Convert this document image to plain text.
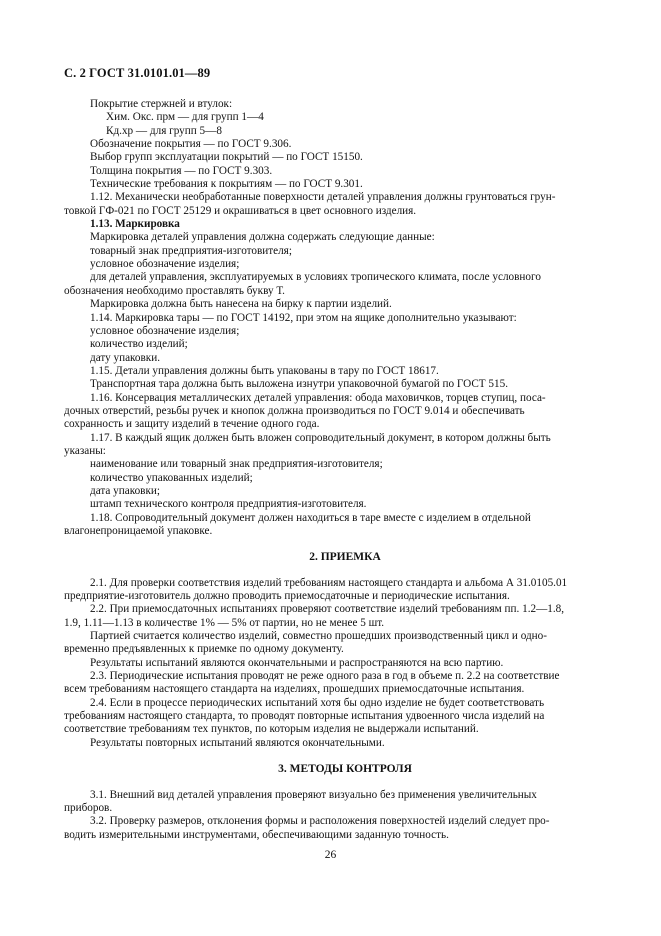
С. 2 ГОСТ 31.0101.01—89

Покрытие стержней и втулок:

Хим. Окс. прм — для групп 1—4

Кд.хр — для групп 5—8

Обозначение покрытия — по ГОСТ 9.306.

Выбор групп эксплуатации покрытий — по ГОСТ 15150.

Толщина покрытия — по ГОСТ 9.303.

Технические требования к покрытиям — по ГОСТ 9.301.

1.12. Механически необработанные поверхности деталей управления должны грунтоваться грун-

товкой ГФ-021 по ГОСТ 25129 и окрашиваться в цвет основного изделия.

1.13. Маркировка

Маркировка деталей управления должна содержать следующие данные:

товарный знак предприятия-изготовителя;

условное обозначение изделия;

для деталей управления, эксплуатируемых в условиях тропического климата, после условного

обозначения необходимо проставлять букву Т.

Маркировка должна быть нанесена на бирку к партии изделий.

1.14. Маркировка тары — по ГОСТ 14192, при этом на ящике дополнительно указывают:

условное обозначение изделия;

количество изделий;

дату упаковки.

1.15. Детали управления должны быть упакованы в тару по ГОСТ 18617.

Транспортная тара должна быть выложена изнутри упаковочной бумагой по ГОСТ 515.

1.16. Консервация металлических деталей управления: обода маховичков, торцев ступиц, поса-

дочных отверстий, резьбы ручек и кнопок должна производиться по ГОСТ 9.014 и обеспечивать

сохранность и защиту изделий в течение одного года.

1.17. В каждый ящик должен быть вложен сопроводительный документ, в котором должны быть

указаны:

наименование или товарный знак предприятия-изготовителя;

количество упакованных изделий;

дата упаковки;

штамп технического контроля предприятия-изготовителя.

1.18. Сопроводительный документ должен находиться в таре вместе с изделием в отдельной

влагонепроницаемой упаковке.

2. ПРИЕМКА

2.1. Для проверки соответствия изделий требованиям настоящего стандарта и альбома А 31.0105.01

предприятие-изготовитель должно проводить приемосдаточные и периодические испытания.

2.2. При приемосдаточных испытаниях проверяют соответствие изделий требованиям пп. 1.2—1.8,

1.9, 1.11—1.13 в количестве 1% — 5% от партии, но не менее 5 шт.

Партией считается количество изделий, совместно прошедших производственный цикл и одно-

временно предъявленных к приемке по одному документу.

Результаты испытаний являются окончательными и распространяются на всю партию.

2.3. Периодические испытания проводят не реже одного раза в год в объеме п. 2.2 на соответствие

всем требованиям настоящего стандарта на изделиях, прошедших приемосдаточные испытания.

2.4. Если в процессе периодических испытаний хотя бы одно изделие не будет соответствовать

требованиям настоящего стандарта, то проводят повторные испытания удвоенного числа изделий на

соответствие требованиям тех пунктов, по которым изделия не выдержали испытаний.

Результаты повторных испытаний являются окончательными.

3. МЕТОДЫ КОНТРОЛЯ

3.1. Внешний вид деталей управления проверяют визуально без применения увеличительных

приборов.

3.2. Проверку размеров, отклонения формы и расположения поверхностей изделий следует про-

водить измерительными инструментами, обеспечивающими заданную точность.

26
